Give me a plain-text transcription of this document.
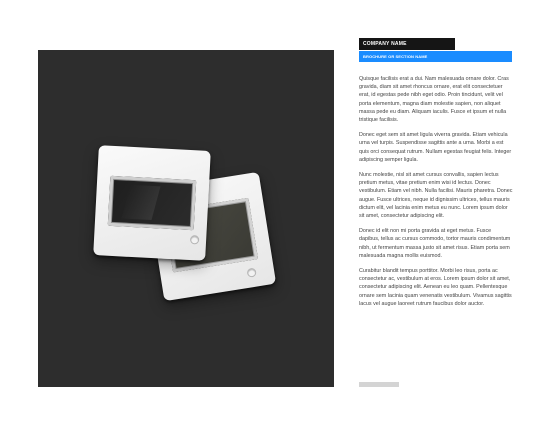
COMPANY NAME
BROCHURE OR SECTION NAME

Quisque facilisis erat a dui. Nam malesuada ornare dolor. Cras gravida, diam sit amet rhoncus ornare, erat elit consectetuer erat, id egestas pede nibh eget odio. Proin tincidunt, velit vel porta elementum, magna diam molestie sapien, non aliquet massa pede eu diam. Aliquam iaculis. Fusce et ipsum et nulla tristique facilisis.

Donec eget sem sit amet ligula viverra gravida. Etiam vehicula urna vel turpis. Suspendisse sagittis ante a urna. Morbi a est quis orci consequat rutrum. Nullam egestas feugiat felis. Integer adipiscing semper ligula.

Nunc molestie, nisl sit amet cursus convallis, sapien lectus pretium metus, vitae pretium enim wisi id lectus. Donec vestibulum. Etiam vel nibh. Nulla facilisi. Mauris pharetra. Donec augue. Fusce ultrices, neque id dignissim ultrices, tellus mauris dictum elit, vel lacinia enim metus eu nunc. Lorem ipsum dolor sit amet, consectetur adipiscing elit.

Donec id elit non mi porta gravida at eget metus. Fusce dapibus, tellus ac cursus commodo, tortor mauris condimentum nibh, ut fermentum massa justo sit amet risus. Etiam porta sem malesuada magna mollis euismod.

Curabitur blandit tempus porttitor. Morbi leo risus, porta ac consectetur ac, vestibulum at eros. Lorem ipsum dolor sit amet, consectetur adipiscing elit. Aenean eu leo quam. Pellentesque ornare sem lacinia quam venenatis vestibulum. Vivamus sagittis lacus vel augue laoreet rutrum faucibus dolor auctor.
